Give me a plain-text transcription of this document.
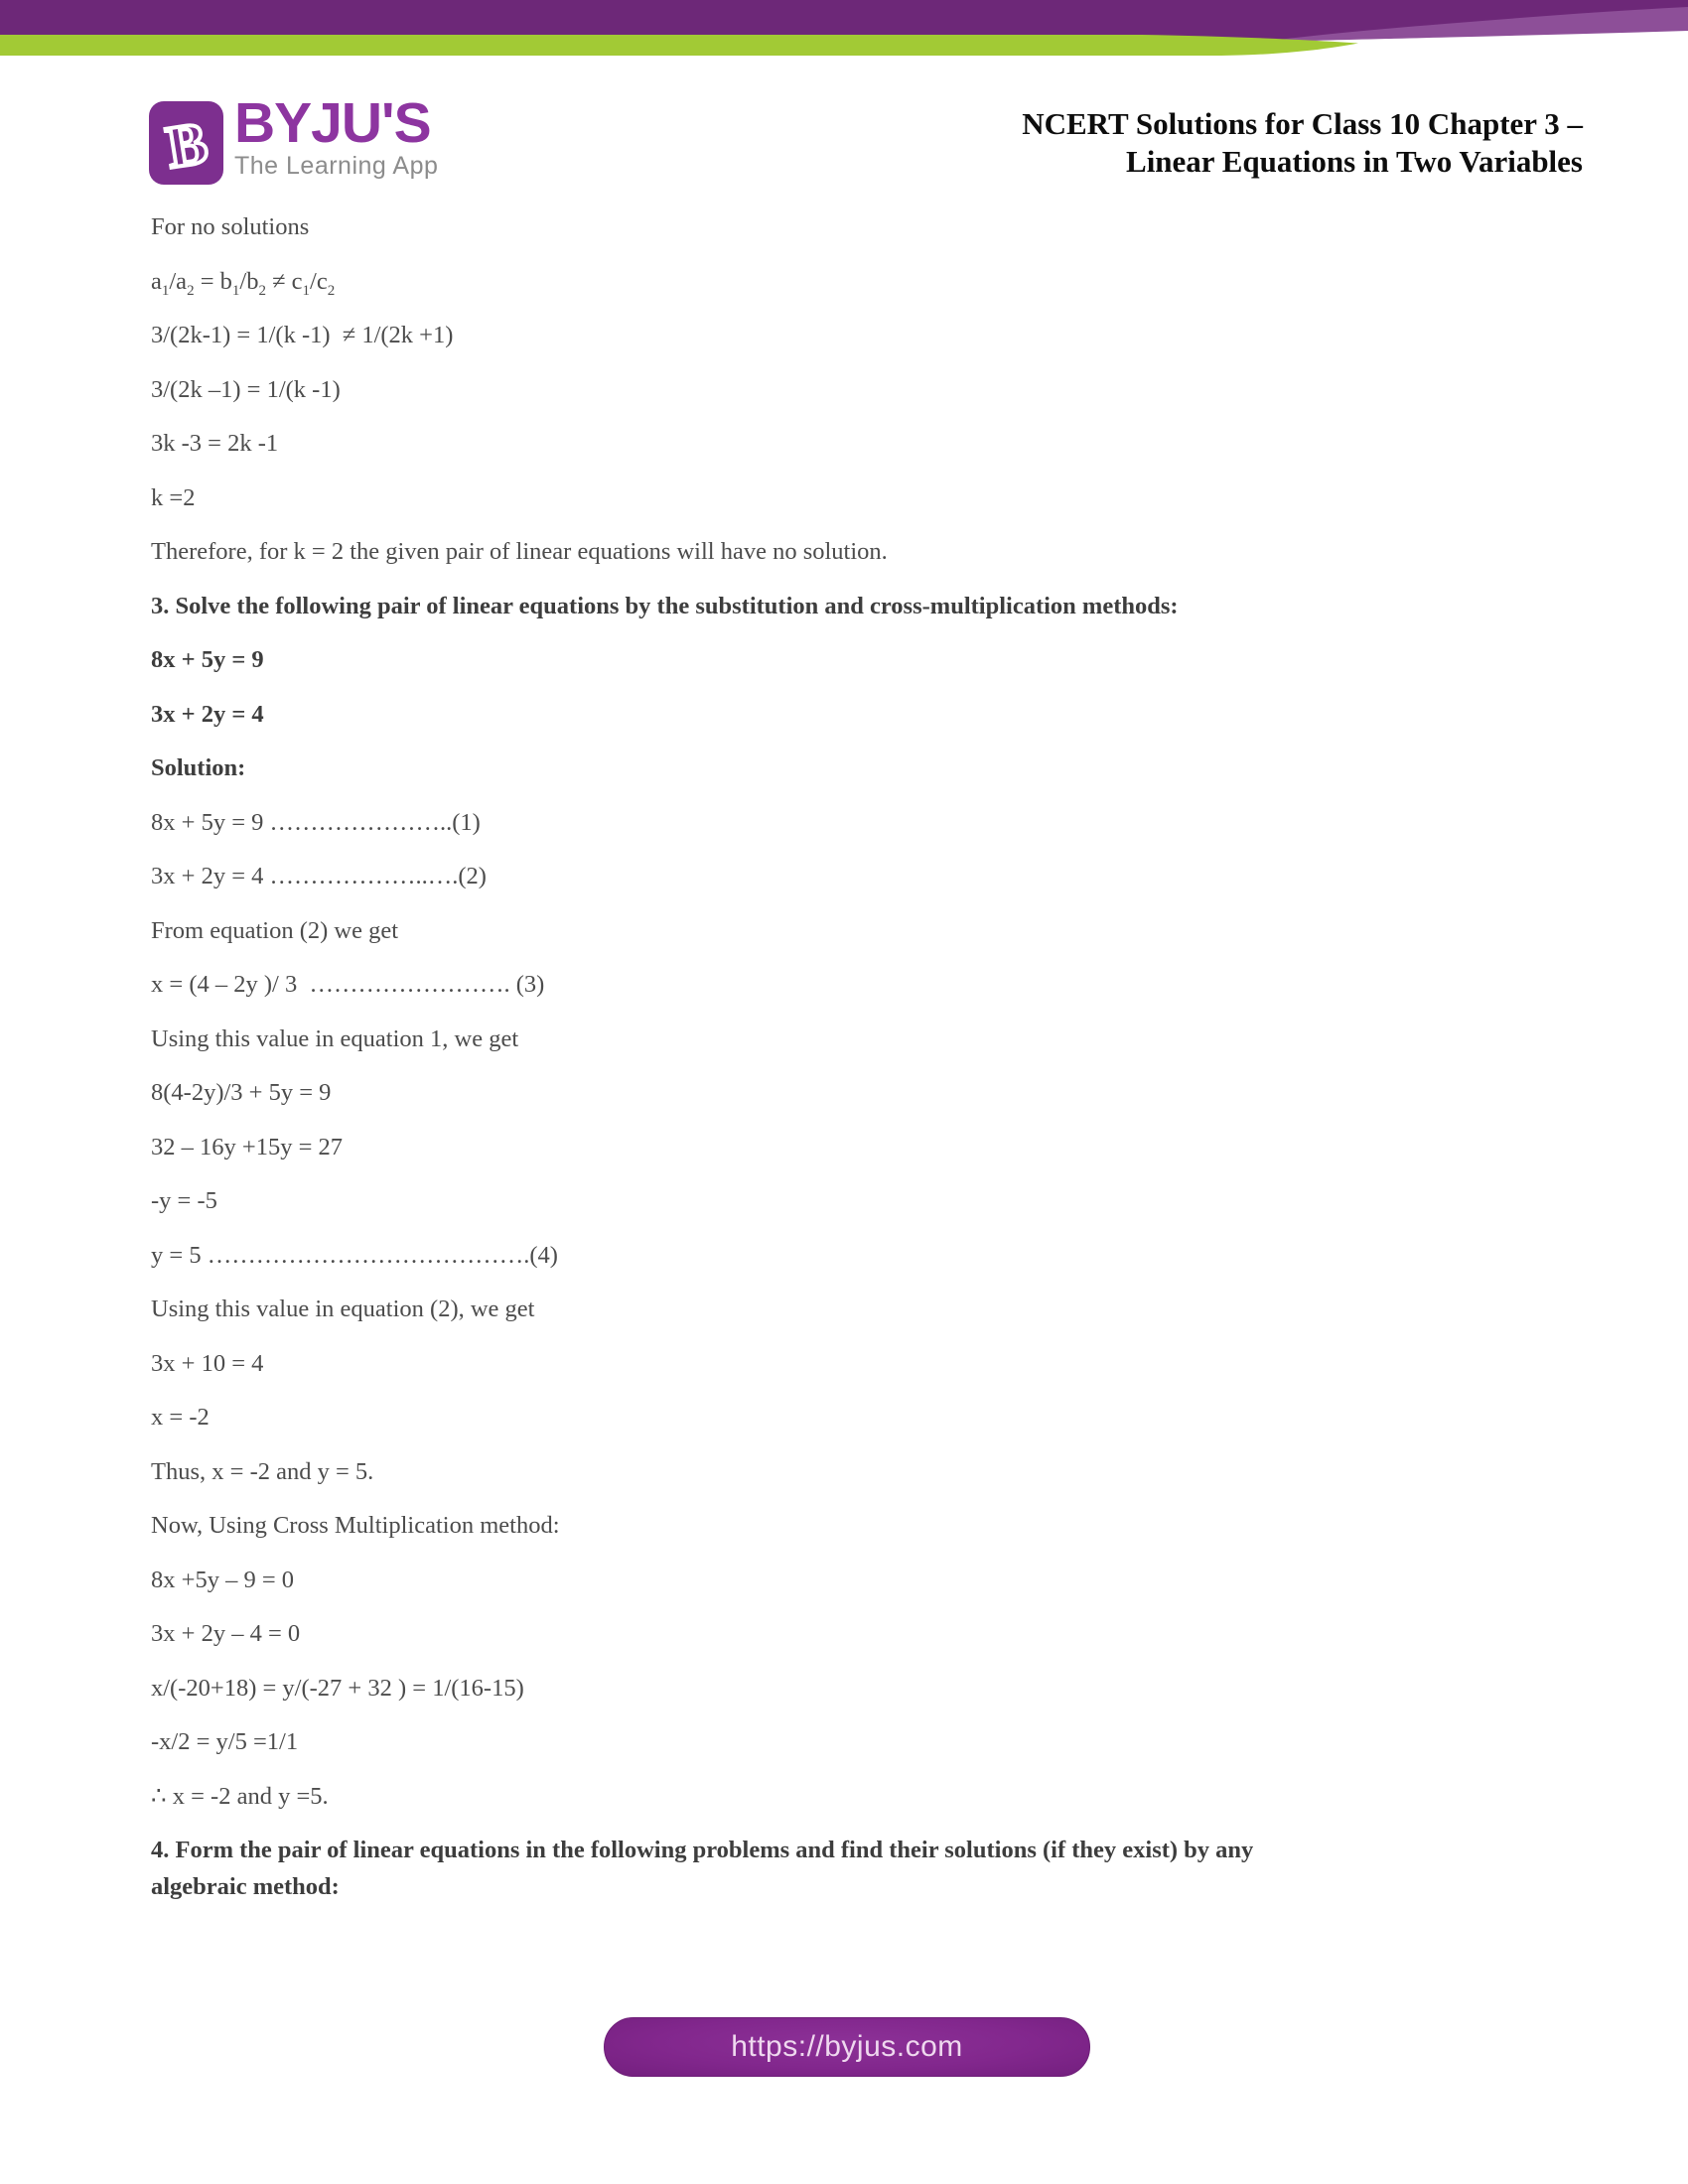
B BYJU'S
The Learning App
NCERT Solutions for Class 10 Chapter 3 –
Linear Equations in Two Variables
For no solutions
$a_1/a_2 = b_1/b_2 \ne c_1/c_2$
3/(2k-1) = 1/(k -1)  ≠ 1/(2k +1)
3/(2k –1) = 1/(k -1)
3k -3 = 2k -1
k =2
Therefore, for k = 2 the given pair of linear equations will have no solution.
3. Solve the following pair of linear equations by the substitution and cross-multiplication methods:
8x + 5y = 9
3x + 2y = 4
Solution:
8x + 5y = 9 …………………..(1)
3x + 2y = 4 ………………..….(2)
From equation (2) we get
x = (4 – 2y )/ 3  ……………………. (3)
Using this value in equation 1, we get
8(4-2y)/3 + 5y = 9
32 – 16y +15y = 27
-y = -5
y = 5 ………………………………….(4)
Using this value in equation (2), we get
3x + 10 = 4
x = -2
Thus, x = -2 and y = 5.
Now, Using Cross Multiplication method:
8x +5y – 9 = 0
3x + 2y – 4 = 0
x/(-20+18) = y/(-27 + 32 ) = 1/(16-15)
-x/2 = y/5 =1/1
∴ x = -2 and y =5.
4. Form the pair of linear equations in the following problems and find their solutions (if they exist) by any
algebraic method:
https://byjus.com
